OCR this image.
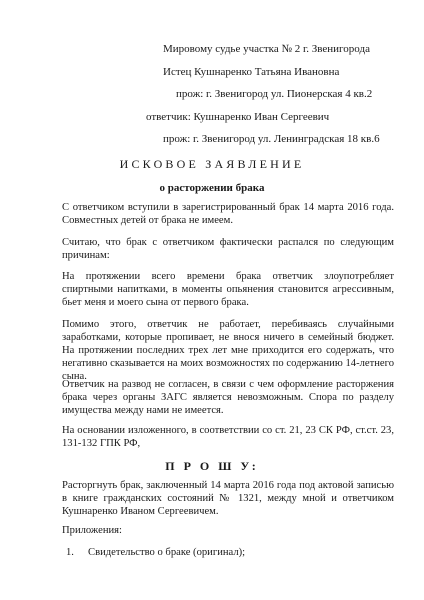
Мировому судье участка № 2 г. Звенигорода
Истец Кушнаренко Татьяна Ивановна
прож: г. Звенигород ул. Пионерская 4 кв.2
ответчик: Кушнаренко Иван Сергеевич
прож: г. Звенигород ул. Ленинградская 18 кв.6
ИСКОВОЕ ЗАЯВЛЕНИЕ
о расторжении брака

С ответчиком вступили в зарегистрированный брак 14 марта 2016 года. Совместных детей от брака не имеем.

Считаю, что брак с ответчиком фактически распался по следующим причинам:

На протяжении всего времени брака ответчик злоупотребляет спиртными напитками, в моменты опьянения становится агрессивным, бьет меня и моего сына от первого брака.

Помимо этого, ответчик не работает, перебиваясь случайными заработками, которые пропивает, не внося ничего в семейный бюджет. На протяжении последних трех лет мне приходится его содержать, что негативно сказывается на моих возможностях по содержанию 14-летнего сына.

Ответчик на развод не согласен, в связи с чем оформление расторжения брака через органы ЗАГС является невозможным. Спора по разделу имущества между нами не имеется.

На основании изложенного, в соответствии со ст. 21, 23 СК РФ, ст.ст. 23, 131-132 ГПК РФ,

П Р О Ш У:

Расторгнуть брак, заключенный 14 марта 2016 года под актовой записью в книге гражданских состояний № 1321, между мной и ответчиком Кушнаренко Иваном Сергеевичем.

Приложения:
1. Свидетельство о браке (оригинал);
